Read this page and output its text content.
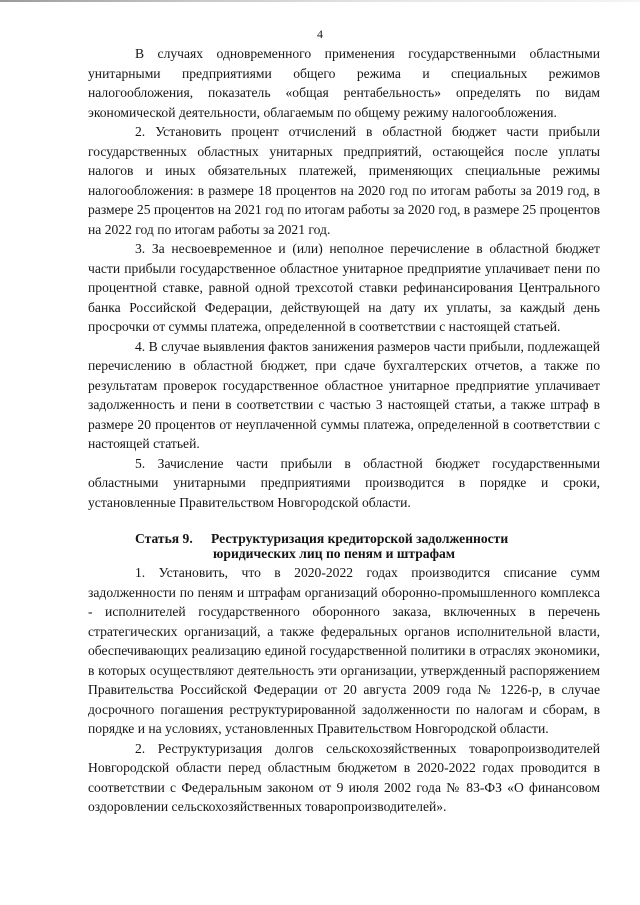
4

В случаях одновременного применения государственными областными унитарными предприятиями общего режима и специальных режимов налогообложения, показатель «общая рентабельность» определять по видам экономической деятельности, облагаемым по общему режиму налогообложения.

2. Установить процент отчислений в областной бюджет части прибыли государственных областных унитарных предприятий, остающейся после уплаты налогов и иных обязательных платежей, применяющих специальные режимы налогообложения: в размере 18 процентов на 2020 год по итогам работы за 2019 год, в размере 25 процентов на 2021 год по итогам работы за 2020 год, в размере 25 процентов на 2022 год по итогам работы за 2021 год.

3. За несвоевременное и (или) неполное перечисление в областной бюджет части прибыли государственное областное унитарное предприятие уплачивает пени по процентной ставке, равной одной трехсотой ставки рефинансирования Центрального банка Российской Федерации, действующей на дату их уплаты, за каждый день просрочки от суммы платежа, определенной в соответствии с настоящей статьей.

4. В случае выявления фактов занижения размеров части прибыли, подлежащей перечислению в областной бюджет, при сдаче бухгалтерских отчетов, а также по результатам проверок государственное областное унитарное предприятие уплачивает задолженность и пени в соответствии с частью 3 настоящей статьи, а также штраф в размере 20 процентов от неуплаченной суммы платежа, определенной в соответствии с настоящей статьей.

5. Зачисление части прибыли в областной бюджет государственными областными унитарными предприятиями производится в порядке и сроки, установленные Правительством Новгородской области.

Статья 9. Реструктуризация кредиторской задолженности
юридических лиц по пеням и штрафам

1. Установить, что в 2020-2022 годах производится списание сумм задолженности по пеням и штрафам организаций оборонно-промышленного комплекса - исполнителей государственного оборонного заказа, включенных в перечень стратегических организаций, а также федеральных органов исполнительной власти, обеспечивающих реализацию единой государственной политики в отраслях экономики, в которых осуществляют деятельность эти организации, утвержденный распоряжением Правительства Российской Федерации от 20 августа 2009 года № 1226-р, в случае досрочного погашения реструктурированной задолженности по налогам и сборам, в порядке и на условиях, установленных Правительством Новгородской области.

2. Реструктуризация долгов сельскохозяйственных товаропроизводителей Новгородской области перед областным бюджетом в 2020-2022 годах проводится в соответствии с Федеральным законом от 9 июля 2002 года № 83-ФЗ «О финансовом оздоровлении сельскохозяйственных товаропроизводителей».
